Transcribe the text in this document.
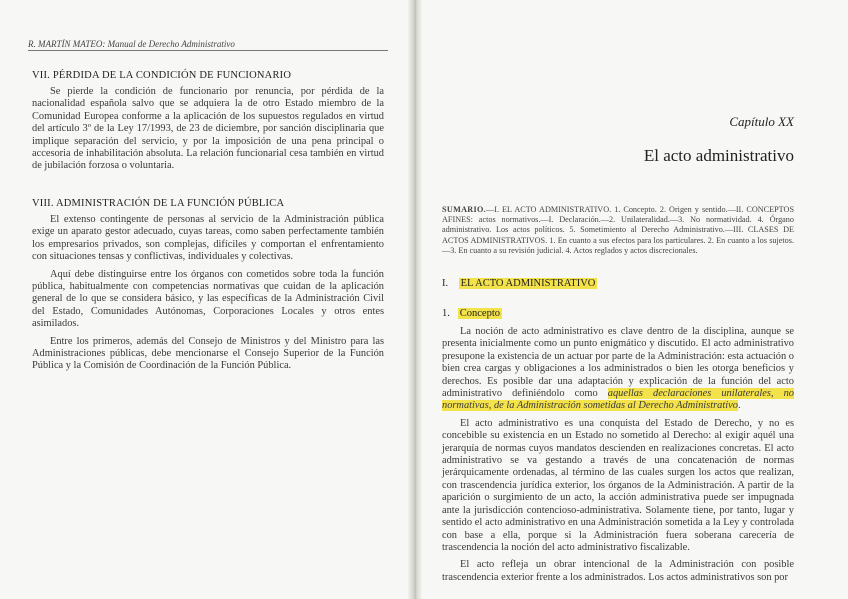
R. MARTÍN MATEO: Manual de Derecho Administrativo
VII. PÉRDIDA DE LA CONDICIÓN DE FUNCIONARIO

Se pierde la condición de funcionario por renuncia, por pérdida de la nacionalidad española salvo que se adquiera la de otro Estado miembro de la Comunidad Europea conforme a la aplicación de los supuestos regulados en virtud del artículo 3º de la Ley 17/1993, de 23 de diciembre, por sanción disciplinaria que implique separación del servicio, y por la imposición de una pena principal o accesoria de inhabilitación absoluta. La relación funcionarial cesa también en virtud de jubilación forzosa o voluntaria.

VIII. ADMINISTRACIÓN DE LA FUNCIÓN PÚBLICA

El extenso contingente de personas al servicio de la Administración pública exige un aparato gestor adecuado, cuyas tareas, como saben perfectamente también los empresarios privados, son complejas, difíciles y comportan el enfrentamiento con situaciones tensas y conflictivas, individuales y colectivas.

Aquí debe distinguirse entre los órganos con cometidos sobre toda la función pública, habitualmente con competencias normativas que cuidan de la aplicación general de lo que se considera básico, y las específicas de la Administración Civil del Estado, Comunidades Autónomas, Corporaciones Locales y otros entes asimilados.

Entre los primeros, además del Consejo de Ministros y del Ministro para las Administraciones públicas, debe mencionarse el Consejo Superior de la Función Pública y la Comisión de Coordinación de la Función Pública.

Capítulo XX
El acto administrativo
SUMARIO.—I. EL ACTO ADMINISTRATIVO. 1. Concepto. 2. Origen y sentido.—II. CONCEPTOS AFINES: actos normativos.—I. Declaración.—2. Unilateralidad.—3. No normatividad. 4. Órgano administrativo. Los actos políticos. 5. Sometimiento al Derecho Administrativo.—III. CLASES DE ACTOS ADMINISTRATIVOS. 1. En cuanto a sus efectos para los particulares. 2. En cuanto a los sujetos.—3. En cuanto a su revisión judicial. 4. Actos reglados y actos discrecionales.
I. EL ACTO ADMINISTRATIVO
1. Concepto

La noción de acto administrativo es clave dentro de la disciplina, aunque se presenta inicialmente como un punto enigmático y discutido. El acto administrativo presupone la existencia de un actuar por parte de la Administración: esta actuación o bien crea cargas y obligaciones a los administrados o bien les otorga beneficios y derechos. Es posible dar una adaptación y explicación de la función del acto administrativo definiéndolo como aquellas declaraciones unilaterales, no normativas, de la Administración sometidas al Derecho Administrativo.

El acto administrativo es una conquista del Estado de Derecho, y no es concebible su existencia en un Estado no sometido al Derecho: al exigir aquél una jerarquía de normas cuyos mandatos descienden en realizaciones concretas. El acto administrativo se va gestando a través de una concatenación de normas jerárquicamente ordenadas, al término de las cuales surgen los actos que realizan, con trascendencia jurídica exterior, los órganos de la Administración. A partir de la aparición o surgimiento de un acto, la acción administrativa puede ser impugnada ante la jurisdicción contencioso-administrativa. Solamente tiene, por tanto, lugar y sentido el acto administrativo en una Administración sometida a la Ley y controlada con base a ella, porque si la Administración fuera soberana carecería de trascendencia la noción del acto administrativo fiscalizable.

El acto refleja un obrar intencional de la Administración con posible trascendencia exterior frente a los administrados. Los actos administrativos son por
